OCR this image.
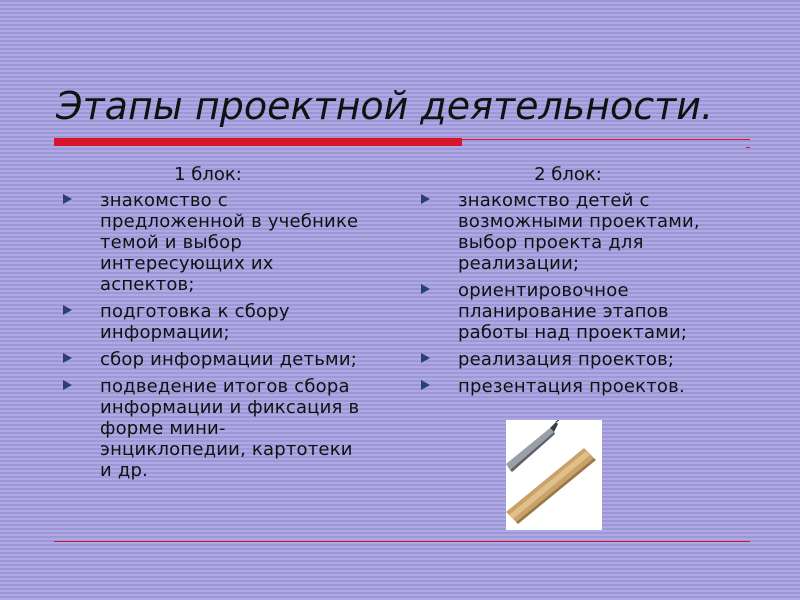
Этапы проектной деятельности.
1 блок:
знакомство с предложенной в учебнике темой и выбор интересующих их аспектов;
подготовка к сбору информации;
сбор информации детьми;
подведение итогов сбора информации и фиксация в форме мини-энциклопедии, картотеки и др.
2 блок:
знакомство детей с возможными проектами, выбор проекта для реализации;
ориентировочное планирование этапов работы над проектами;
реализация проектов;
презентация проектов.
